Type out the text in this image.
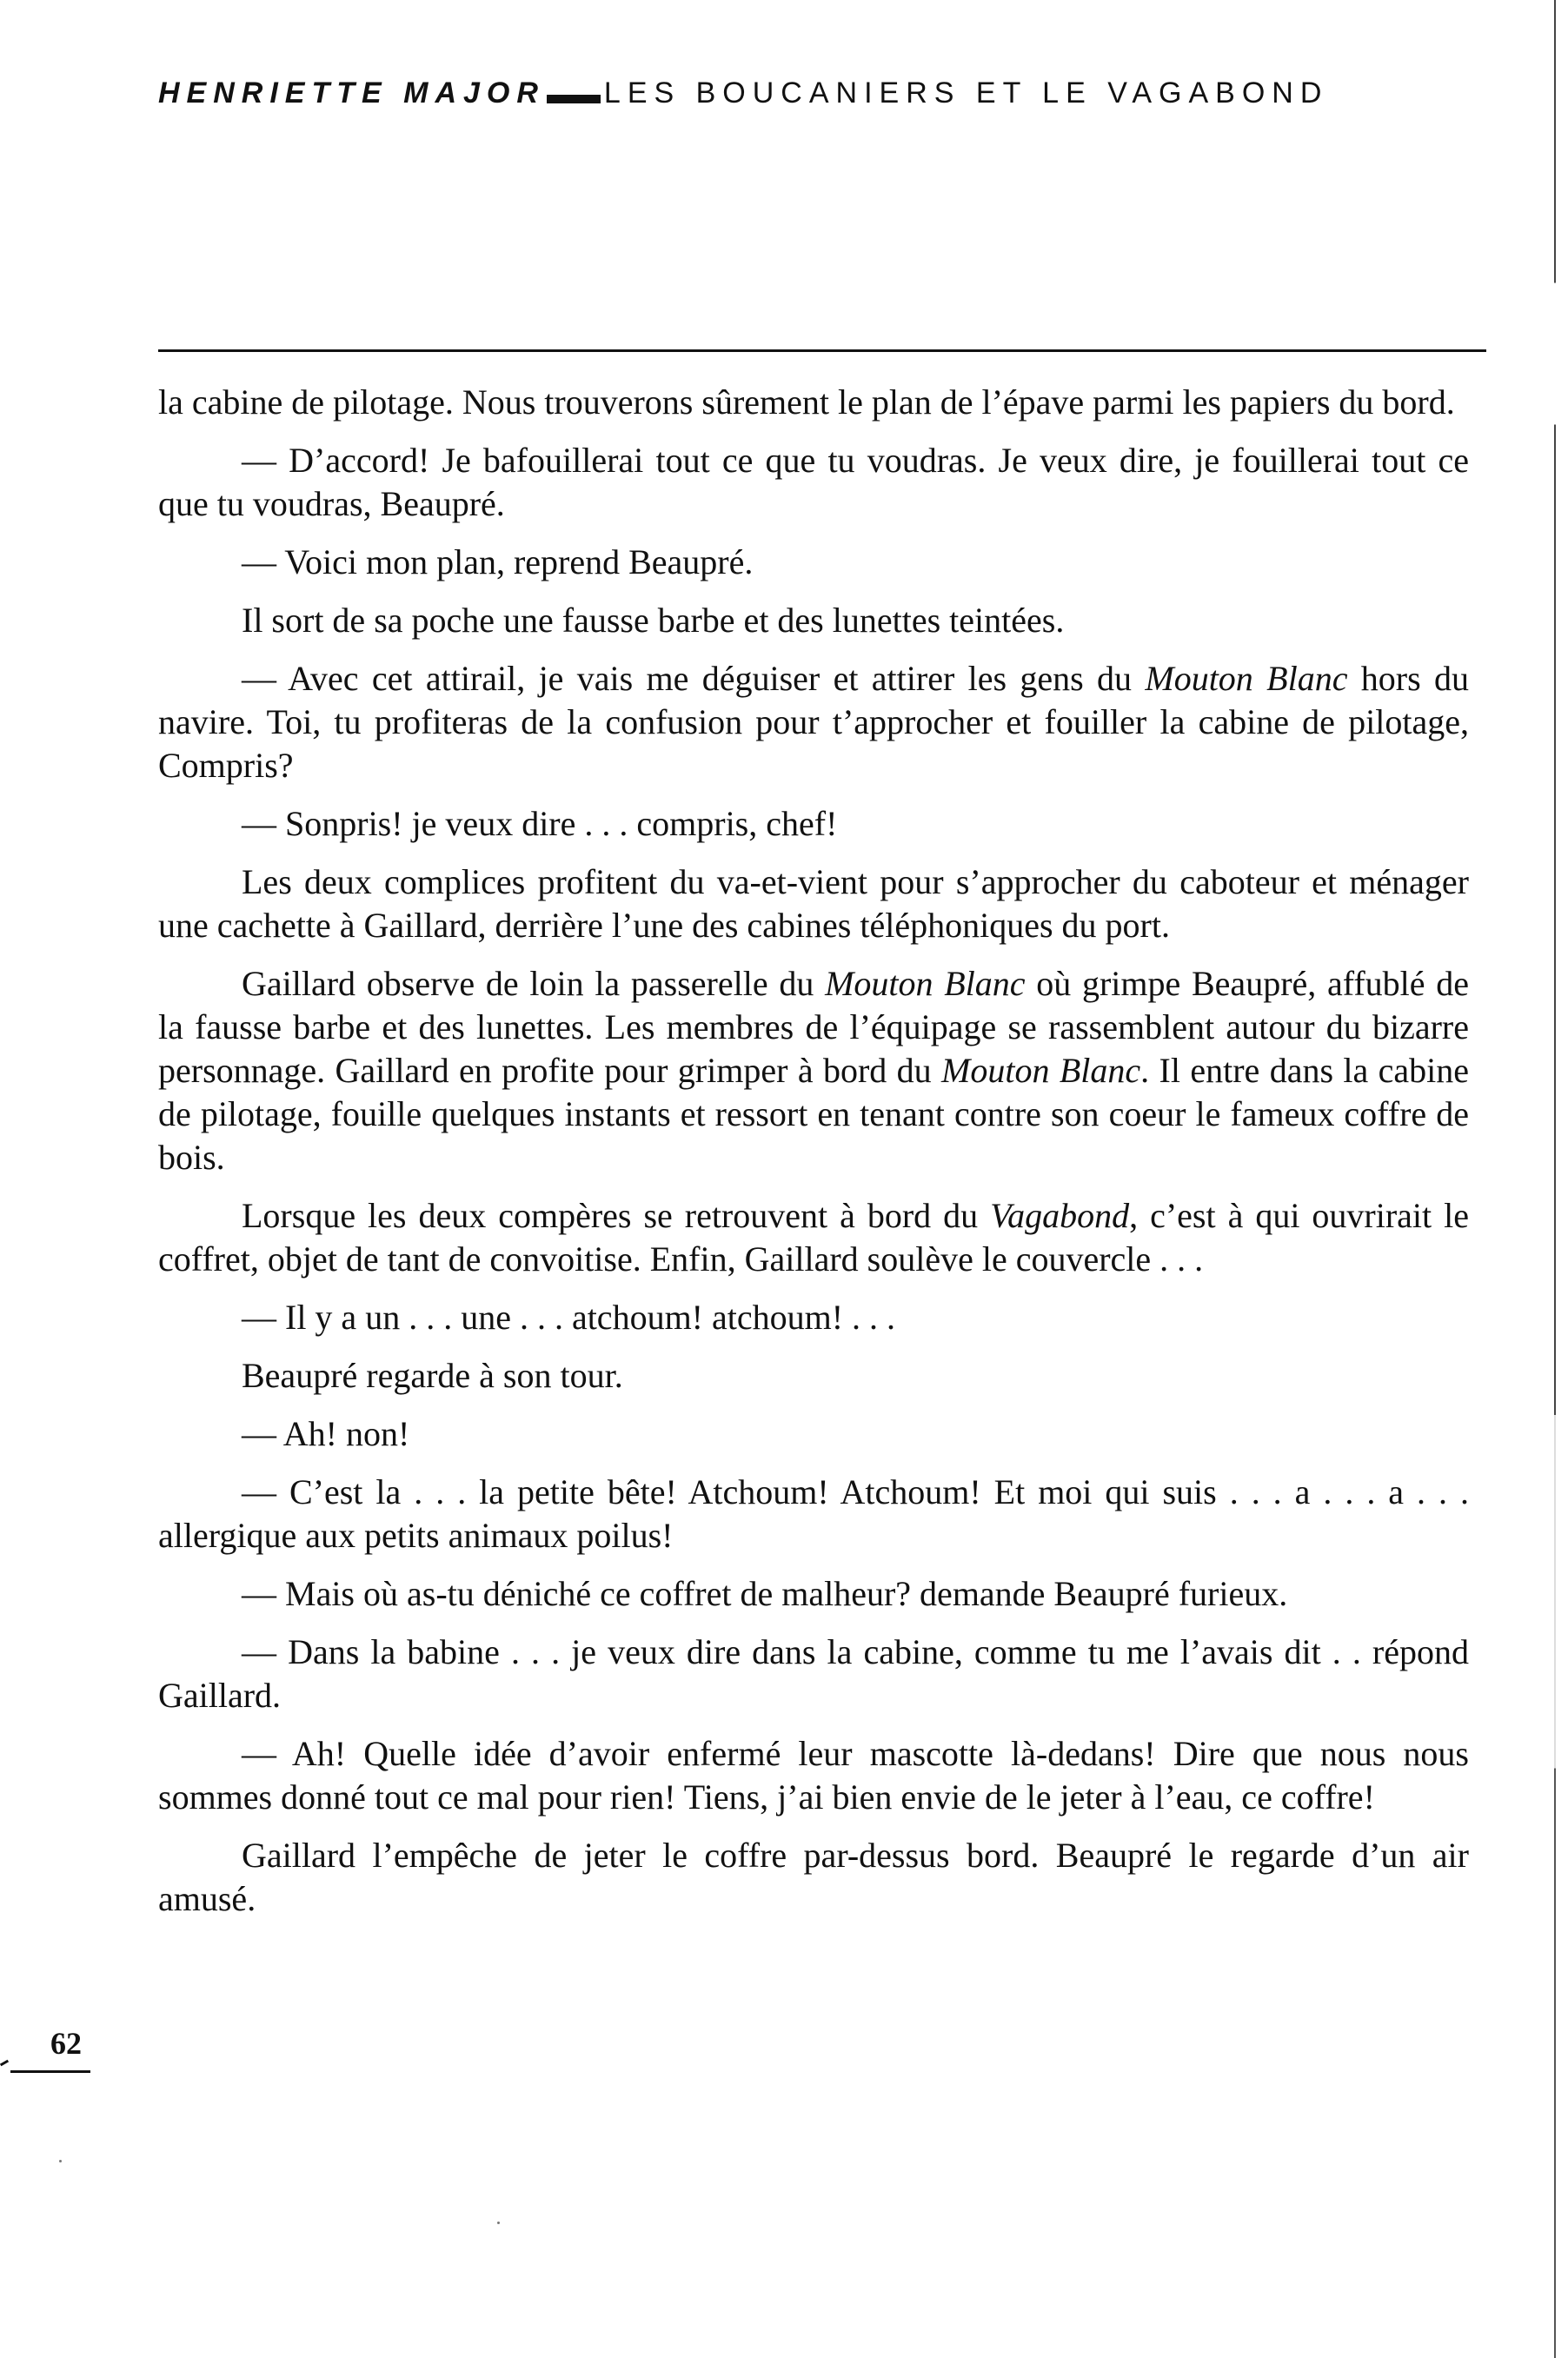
HENRIETTE MAJOR LES BOUCANIERS ET LE VAGABOND

la cabine de pilotage. Nous trouverons sûrement le plan de l’épave parmi les papiers du bord.

— D’accord! Je bafouillerai tout ce que tu voudras. Je veux dire, je fouillerai tout ce que tu voudras, Beaupré.

— Voici mon plan, reprend Beaupré.

Il sort de sa poche une fausse barbe et des lunettes teintées.

— Avec cet attirail, je vais me déguiser et attirer les gens du Mouton Blanc hors du navire. Toi, tu profiteras de la confusion pour t’approcher et fouiller la cabine de pilotage, Compris?

— Sonpris! je veux dire . . . compris, chef!

Les deux complices profitent du va-et-vient pour s’approcher du caboteur et ménager une cachette à Gaillard, derrière l’une des cabines téléphoniques du port.

Gaillard observe de loin la passerelle du Mouton Blanc où grimpe Beaupré, affublé de la fausse barbe et des lunettes. Les membres de l’équipage se rassemblent autour du bizarre personnage. Gaillard en profite pour grimper à bord du Mouton Blanc. Il entre dans la cabine de pilotage, fouille quelques instants et ressort en tenant contre son coeur le fameux coffre de bois.

Lorsque les deux compères se retrouvent à bord du Vagabond, c’est à qui ouvrirait le coffret, objet de tant de convoitise. Enfin, Gaillard soulève le couvercle . . .

— Il y a un . . . une . . . atchoum! atchoum! . . .

Beaupré regarde à son tour.

— Ah! non!

— C’est la . . . la petite bête! Atchoum! Atchoum! Et moi qui suis . . . a . . . a . . . allergique aux petits animaux poilus!

— Mais où as-tu déniché ce coffret de malheur? demande Beaupré furieux.

— Dans la babine . . . je veux dire dans la cabine, comme tu me l’avais dit . . répond Gaillard.

— Ah! Quelle idée d’avoir enfermé leur mascotte là-dedans! Dire que nous nous sommes donné tout ce mal pour rien! Tiens, j’ai bien envie de le jeter à l’eau, ce coffre!

Gaillard l’empêche de jeter le coffre par-dessus bord. Beaupré le regarde d’un air amusé.

62
